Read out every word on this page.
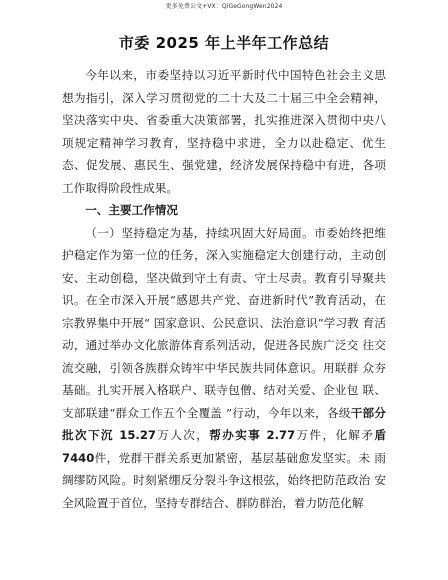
更多免费公文+VX：QiGeGongWen2024
市委 2025 年上半年工作总结

今年以来，市委坚持以习近平新时代中国特色社会主义思想为指引，深入学习贯彻党的二十大及二十届三中全会精神，坚决落实中央、省委重大决策部署，扎实推进深入贯彻中央八项规定精神学习教育，坚持稳中求进，全力以赴稳定、优生态、促发展、惠民生、强党建，经济发展保持稳中有进，各项工作取得阶段性成果。

一、主要工作情况

（一）坚持稳定为基，持续巩固大好局面。市委始终把维护稳定作为第一位的任务，深入实施稳定大创建行动，主动创安、主动创稳，坚决做到守土有责、守土尽责。教育引导聚共识。在全市深入开展“感恩共产党、奋进新时代”教育活动，在宗教界集中开展“ 国家意识、公民意识、法治意识”学习教 育活动，通过举办文化旅游体育系列活动，促进各民族广泛交 往交流交融，引领各族群众铸牢中华民族共同体意识。用联群 众夯基础。扎实开展入格联户、联寺包僧、结对关爱、企业包 联、支部联建“群众工作五个全覆盖 ”行动，今年以来，各级干部分批次下沉 15.27万人次，帮办实事 2.77万件，化解矛盾 7440件，党群干群关系更加紧密，基层基础愈发坚实。未 雨绸缪防风险。时刻紧绷反分裂斗争这根弦，始终把防范政治 安全风险置于首位，坚持专群结合、群防群治，着力防范化解
